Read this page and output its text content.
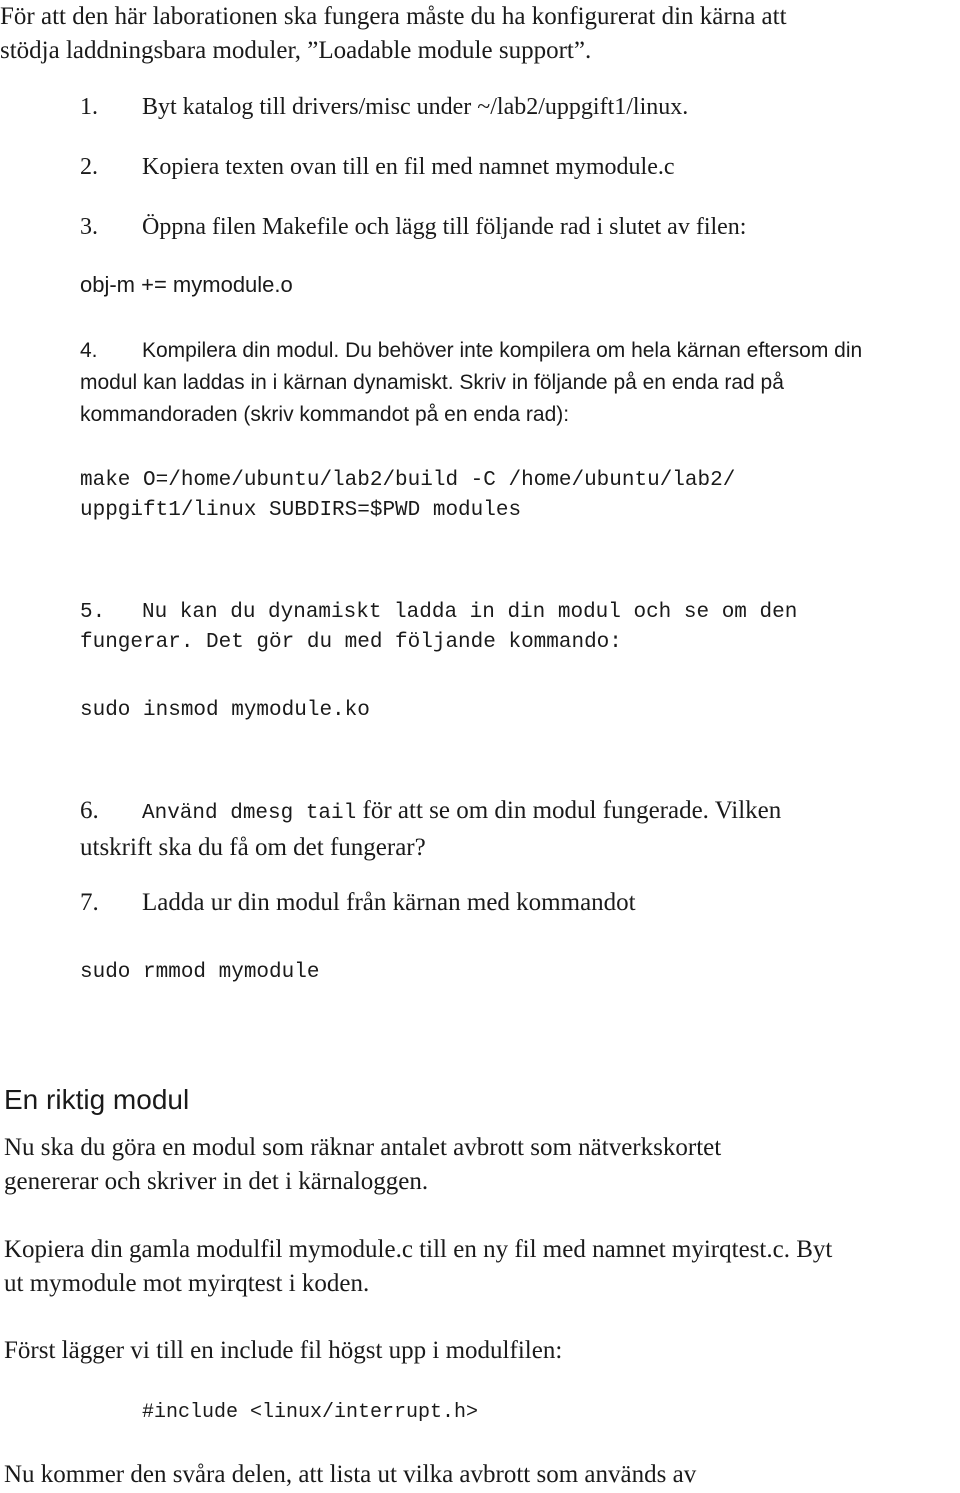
För att den här laborationen ska fungera måste du ha konfigurerat din kärna att
stödja laddningsbara moduler, ”Loadable module support”.
1. Byt katalog till drivers/misc under ~/lab2/uppgift1/linux.
2. Kopiera texten ovan till en fil med namnet mymodule.c
3. Öppna filen Makefile och lägg till följande rad i slutet av filen:
obj-m += mymodule.o
4. Kompilera din modul. Du behöver inte kompilera om hela kärnan eftersom din
modul kan laddas in i kärnan dynamiskt. Skriv in följande på en enda rad på
kommandoraden (skriv kommandot på en enda rad):
make O=/home/ubuntu/lab2/build -C /home/ubuntu/lab2/
uppgift1/linux SUBDIRS=$PWD modules
5. Nu kan du dynamiskt ladda in din modul och se om den
fungerar. Det gör du med följande kommando:
sudo insmod mymodule.ko
6. Använd dmesg tail för att se om din modul fungerade. Vilken
utskrift ska du få om det fungerar?
7. Ladda ur din modul från kärnan med kommandot
sudo rmmod mymodule
En riktig modul
Nu ska du göra en modul som räknar antalet avbrott som nätverkskortet
genererar och skriver in det i kärnaloggen.
Kopiera din gamla modulfil mymodule.c till en ny fil med namnet myirqtest.c. Byt
ut mymodule mot myirqtest i koden.
Först lägger vi till en include fil högst upp i modulfilen:
#include <linux/interrupt.h>
Nu kommer den svåra delen, att lista ut vilka avbrott som används av
